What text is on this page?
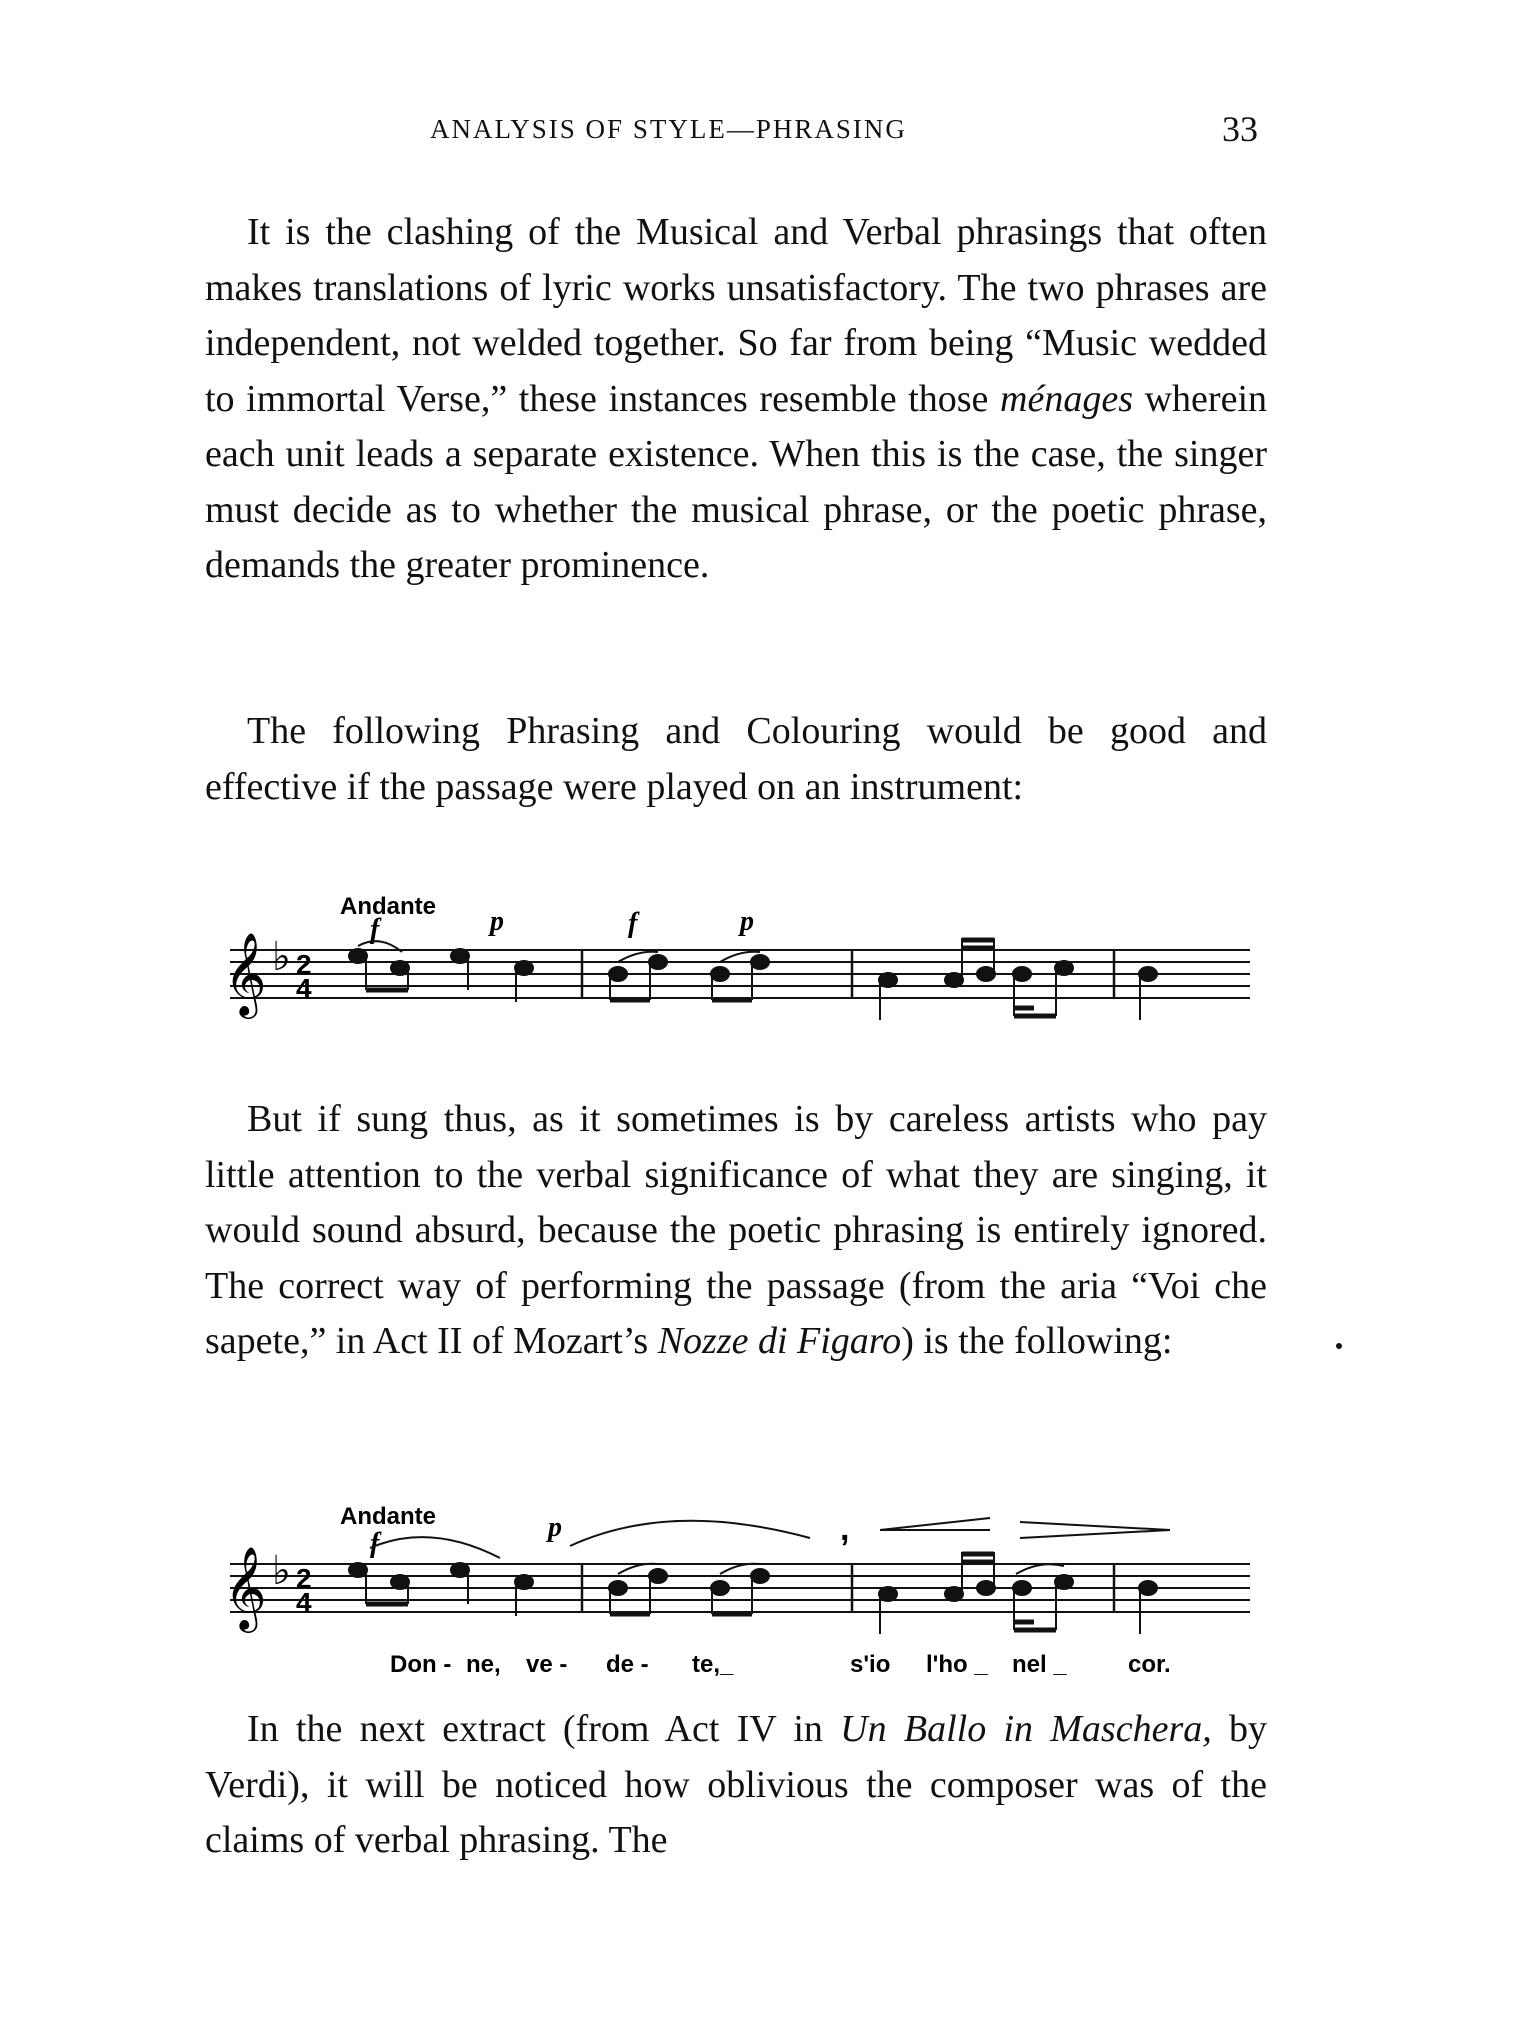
ANALYSIS OF STYLE—PHRASING	33

It is the clashing of the Musical and Verbal phrasings that often makes translations of lyric works unsatisfactory. The two phrases are independent, not welded together. So far from being “Music wedded to immortal Verse,” these instances resemble those ménages wherein each unit leads a separate existence. When this is the case, the singer must decide as to whether the musical phrase, or the poetic phrase, demands the greater prominence.

The following Phrasing and Colouring would be good and effective if the passage were played on an instrument:

Andante
f	p	f	p
𝄞 ♭ 2
4

But if sung thus, as it sometimes is by careless artists who pay little attention to the verbal significance of what they are singing, it would sound absurd, because the poetic phrasing is entirely ignored. The correct way of performing the passage (from the aria “Voi che sapete,” in Act II of Mozart’s Nozze di Figaro) is the following:

Andante
f
p	,
𝄞 ♭ 2
4
Don - ne, ve - de - te,_	s'io l'ho _ nel _	cor.

In the next extract (from Act IV in Un Ballo in Maschera, by Verdi), it will be noticed how oblivious the composer was of the claims of verbal phrasing. The
